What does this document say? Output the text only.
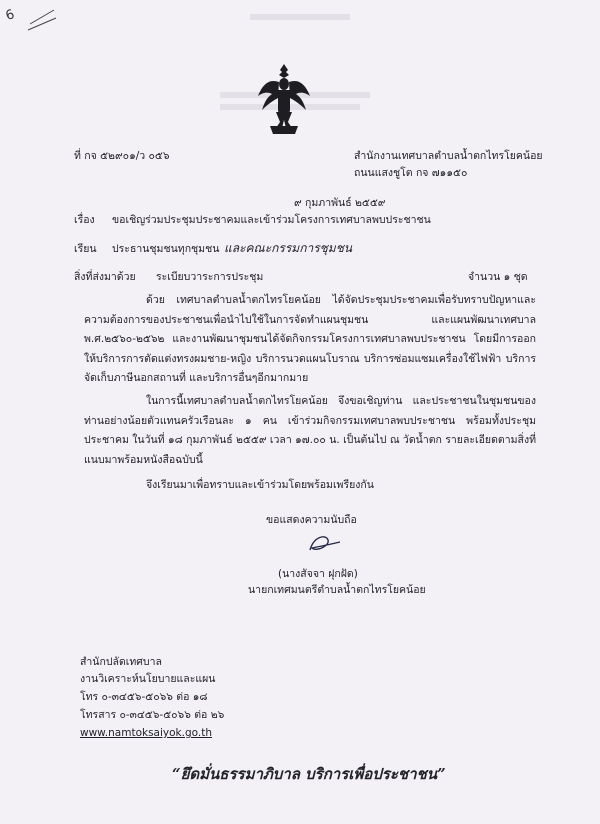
6
ที่ กจ ๕๒๙๐๑/ว ๐๕๖	สำนักงานเทศบาลตำบลน้ำตกไทรโยคน้อย
ถนนแสงชูโต กจ ๗๑๑๕๐
๙ กุมภาพันธ์ ๒๕๕๙
เรื่อง ขอเชิญร่วมประชุมประชาคมและเข้าร่วมโครงการเทศบาลพบประชาชน
เรียน ประธานชุมชนทุกชุมชน และคณะกรรมการชุมชน
สิ่งที่ส่งมาด้วย ระเบียบวาระการประชุม	จำนวน ๑ ชุด
ด้วย เทศบาลตำบลน้ำตกไทรโยคน้อย ได้จัดประชุมประชาคมเพื่อรับทราบปัญหาและความต้องการของประชาชนเพื่อนำไปใช้ในการจัดทำแผนชุมชน และแผนพัฒนาเทศบาล พ.ศ.๒๕๖๐-๒๕๖๒ และงานพัฒนาชุมชนได้จัดกิจกรรมโครงการเทศบาลพบประชาชน โดยมีการออกให้บริการการตัดแต่งทรงผมชาย-หญิง บริการนวดแผนโบราณ บริการซ่อมแซมเครื่องใช้ไฟฟ้า บริการจัดเก็บภาษีนอกสถานที่ และบริการอื่นๆอีกมากมาย
ในการนี้เทศบาลตำบลน้ำตกไทรโยคน้อย จึงขอเชิญท่าน และประชาชนในชุมชนของท่านอย่างน้อยตัวแทนครัวเรือนละ ๑ คน เข้าร่วมกิจกรรมเทศบาลพบประชาชน พร้อมทั้งประชุมประชาคม ในวันที่ ๑๘ กุมภาพันธ์ ๒๕๕๙ เวลา ๑๗.๐๐ น. เป็นต้นไป ณ วัดน้ำตก รายละเอียดตามสิ่งที่แนบมาพร้อมหนังสือฉบับนี้
จึงเรียนมาเพื่อทราบและเข้าร่วมโดยพร้อมเพรียงกัน
ขอแสดงความนับถือ
(นางสัจจา ฝุกฝัด)
นายกเทศมนตรีตำบลน้ำตกไทรโยคน้อย
สำนักปลัดเทศบาล
งานวิเคราะห์นโยบายและแผน
โทร ๐-๓๔๕๖-๕๐๖๖ ต่อ ๑๘
โทรสาร ๐-๓๔๕๖-๕๐๖๖ ต่อ ๒๖
www.namtoksaiyok.go.th
“ยึดมั่นธรรมาภิบาล บริการเพื่อประชาชน”
